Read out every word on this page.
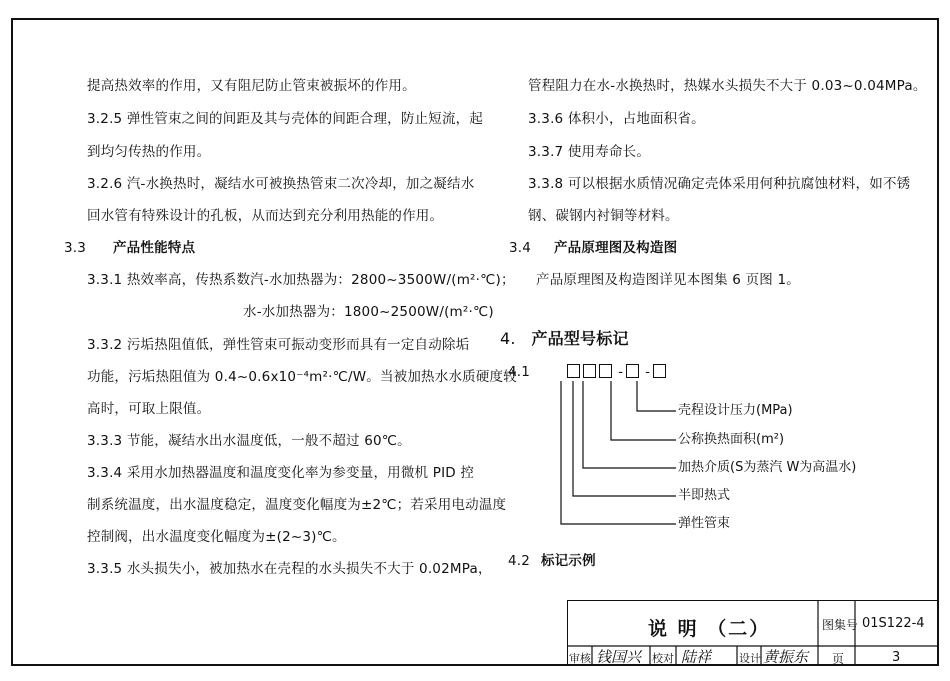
提高热效率的作用，又有阻尼防止管束被振坏的作用。
3.2.5 弹性管束之间的间距及其与壳体的间距合理，防止短流，起
到均匀传热的作用。
3.2.6 汽-水换热时，凝结水可被换热管束二次冷却，加之凝结水
回水管有特殊设计的孔板，从而达到充分利用热能的作用。
3.3 产品性能特点
3.3.1 热效率高，传热系数汽-水加热器为：2800~3500W/(m²·℃)；
水-水加热器为：1800~2500W/(m²·℃)
3.3.2 污垢热阻值低，弹性管束可振动变形而具有一定自动除垢
功能，污垢热阻值为 0.4~0.6x10⁻⁴m²·℃/W。当被加热水水质硬度较
高时，可取上限值。
3.3.3 节能，凝结水出水温度低，一般不超过 60℃。
3.3.4 采用水加热器温度和温度变化率为参变量，用微机 PID 控
制系统温度，出水温度稳定，温度变化幅度为±2℃；若采用电动温度
控制阀，出水温度变化幅度为±(2~3)℃。
3.3.5 水头损失小，被加热水在壳程的水头损失不大于 0.02MPa，
管程阻力在水-水换热时，热媒水头损失不大于 0.03~0.04MPa。
3.3.6 体积小，占地面积省。
3.3.7 使用寿命长。
3.3.8 可以根据水质情况确定壳体采用何种抗腐蚀材料，如不锈
钢、碳钢内衬铜等材料。
3.4 产品原理图及构造图
产品原理图及构造图详见本图集 6 页图 1。
4. 产品型号标记
4.1	- -
壳程设计压力(MPa)
公称换热面积(m²)
加热介质(S为蒸汽 W为高温水)
半即热式
弹性管束
4.2 标记示例
说 明 （二）	图集号 01S122-4
审核 钱国兴 校对 陆祥	设计 黄振东 页	3
